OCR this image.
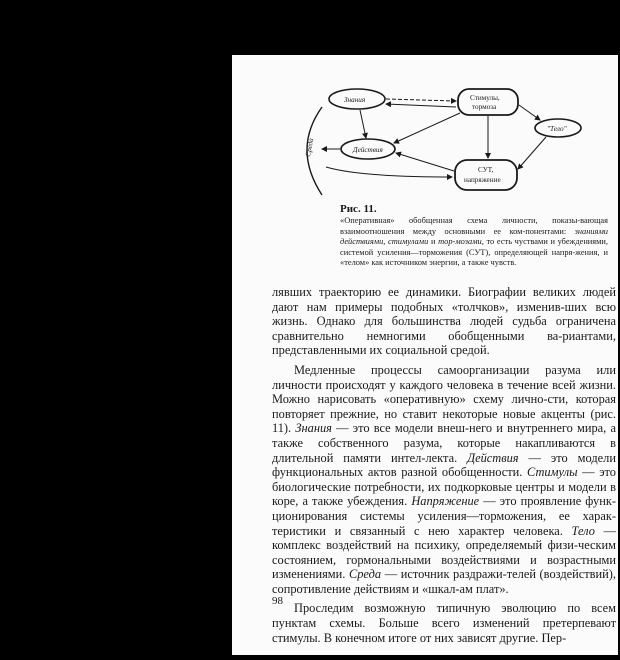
Среда
Знания	Стимулы,
тормоза
"Тело"
Действия
СУТ,
напряжение
Рис. 11.
«Оперативная» обобщенная схема личности, показы-вающая взаимоотношения между основными ее ком-понентами: знаниями действиями, стимулами и тор-мозами, то есть чуствами и убеждениями, системой усиления—торможения (СУТ), определяющей напря-жения, и «телом» как источником энергии, а также чувств.

лявших траекторию ее динамики. Биографии великих людей дают нам примеры подобных «толчков», изменив-ших всю жизнь. Однако для большинства людей судьба ограничена сравнительно немногими обобщенными ва-риантами, представленными их социальной средой.

Медленные процессы самоорганизации разума или личности происходят у каждого человека в течение всей жизни. Можно нарисовать «оперативную» схему лично-сти, которая повторяет прежние, но ставит некоторые новые акценты (рис. 11). Знания — это все модели внеш-него и внутреннего мира, а также собственного разума, которые накапливаются в длительной памяти интел-лекта. Действия — это модели функциональных актов разной обобщенности. Стимулы — это биологические потребности, их подкорковые центры и модели в коре, а также убеждения. Напряжение — это проявление функ-ционирования системы усиления—торможения, ее харак-теристики и связанный с нею характер человека. Тело — комплекс воздействий на психику, определяемый физи-ческим состоянием, гормональными воздействиями и возрастными изменениями. Среда — источник раздражи-телей (воздействий), сопротивление действиям и «шкал-ам плат».

Проследим возможную типичную эволюцию по всем пунктам схемы. Больше всего изменений претерпевают стимулы. В конечном итоге от них зависят другие. Пер-

98
